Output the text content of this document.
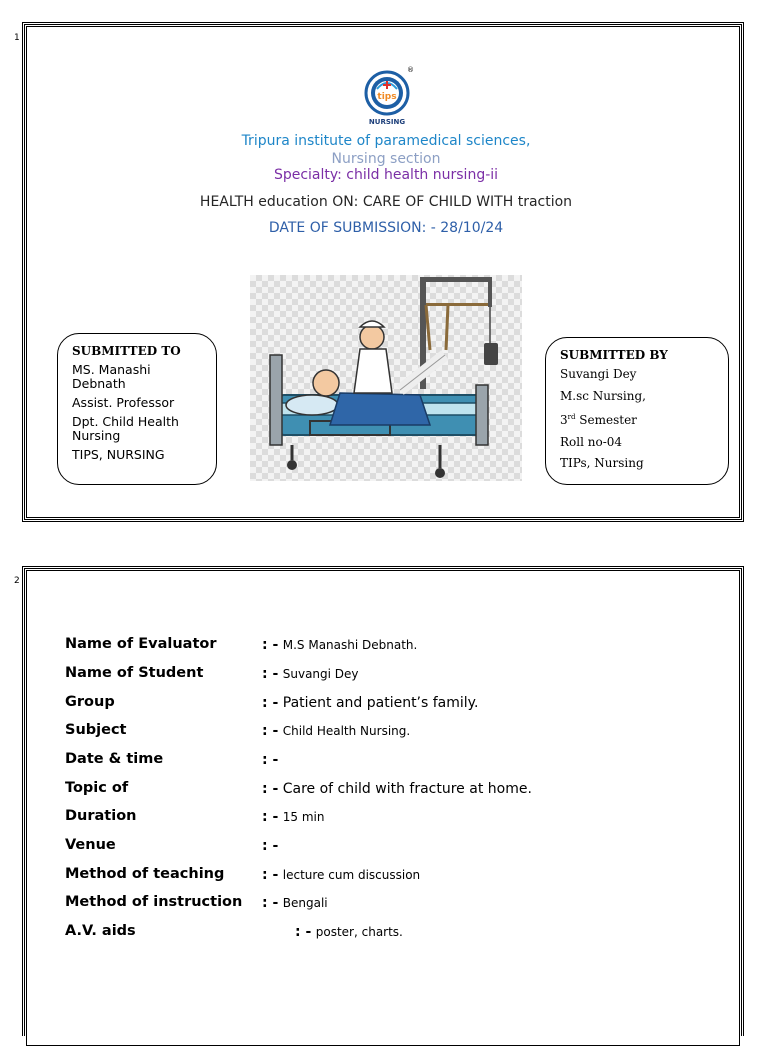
1
2
tips
NURSING
®
Tripura institute of paramedical sciences,
Nursing section
Specialty: child health nursing-ii
HEALTH education ON: CARE OF CHILD WITH traction
DATE OF SUBMISSION: - 28/10/24
SUBMITTED TO
MS. Manashi Debnath
Assist. Professor
Dpt. Child Health Nursing
TIPS, NURSING
SUBMITTED BY
Suvangi Dey
M.sc Nursing,
3rd Semester
Roll no-04
TIPs, Nursing
Name of Evaluator	: - M.S Manashi Debnath.
Name of Student	: - Suvangi Dey
Group	: - Patient and patient’s family.
Subject	: - Child Health Nursing.
Date & time	: -
Topic of	: - Care of child with fracture at home.
Duration	: - 15 min
Venue	: -
Method of teaching	: - lecture cum discussion
Method of instruction : - Bengali
A.V. aids	: - poster, charts.
